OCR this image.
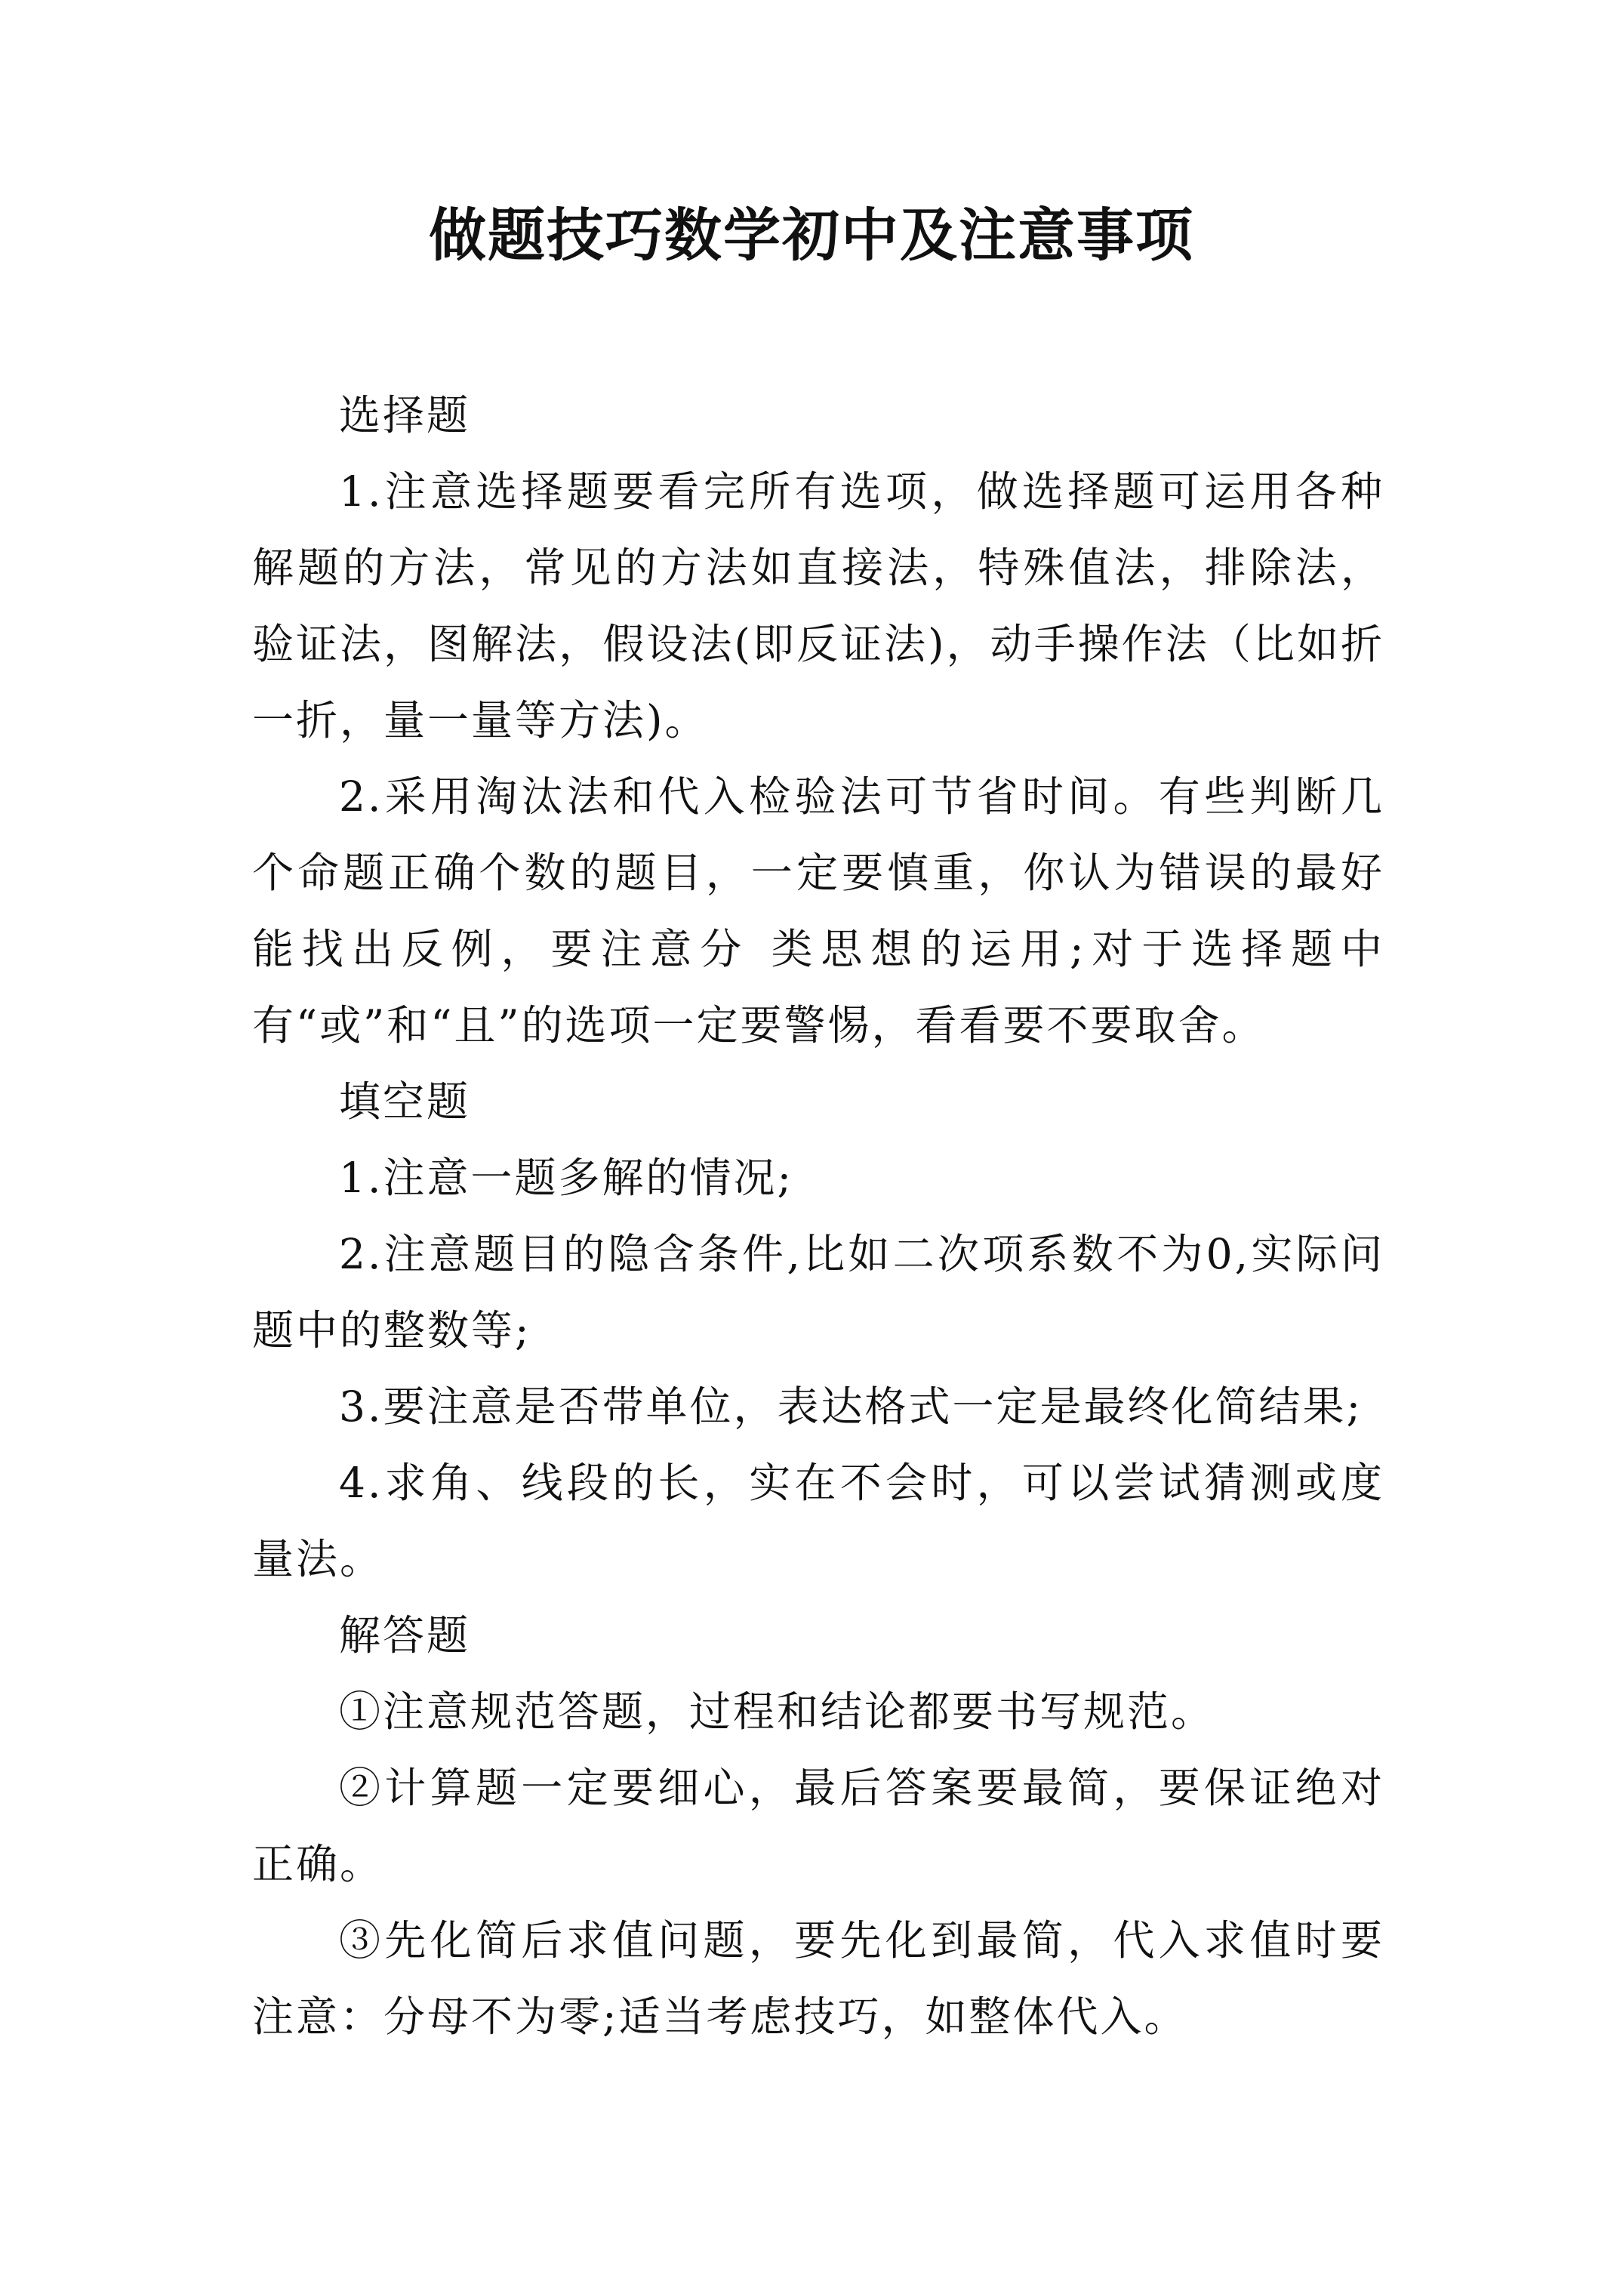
做题技巧数学初中及注意事项

选择题

1.注意选择题要看完所有选项，做选择题可运用各种解题的方法，常见的方法如直接法，特殊值法，排除法，验证法，图解法，假设法(即反证法)，动手操作法（比如折一折，量一量等方法)。

2.采用淘汰法和代入检验法可节省时间。有些判断几个命题正确个数的题目，一定要慎重，你认为错误的最好能找出反例，要注意分 类思想的运用;对于选择题中有“或”和“且”的选项一定要警惕，看看要不要取舍。

填空题

1.注意一题多解的情况;

2.注意题目的隐含条件,比如二次项系数不为0,实际问题中的整数等;

3.要注意是否带单位，表达格式一定是最终化简结果;

4.求角、线段的长，实在不会时，可以尝试猜测或度量法。

解答题

①注意规范答题，过程和结论都要书写规范。

②计算题一定要细心，最后答案要最简，要保证绝对正确。

③先化简后求值问题，要先化到最简，代入求值时要注意：分母不为零;适当考虑技巧，如整体代入。
